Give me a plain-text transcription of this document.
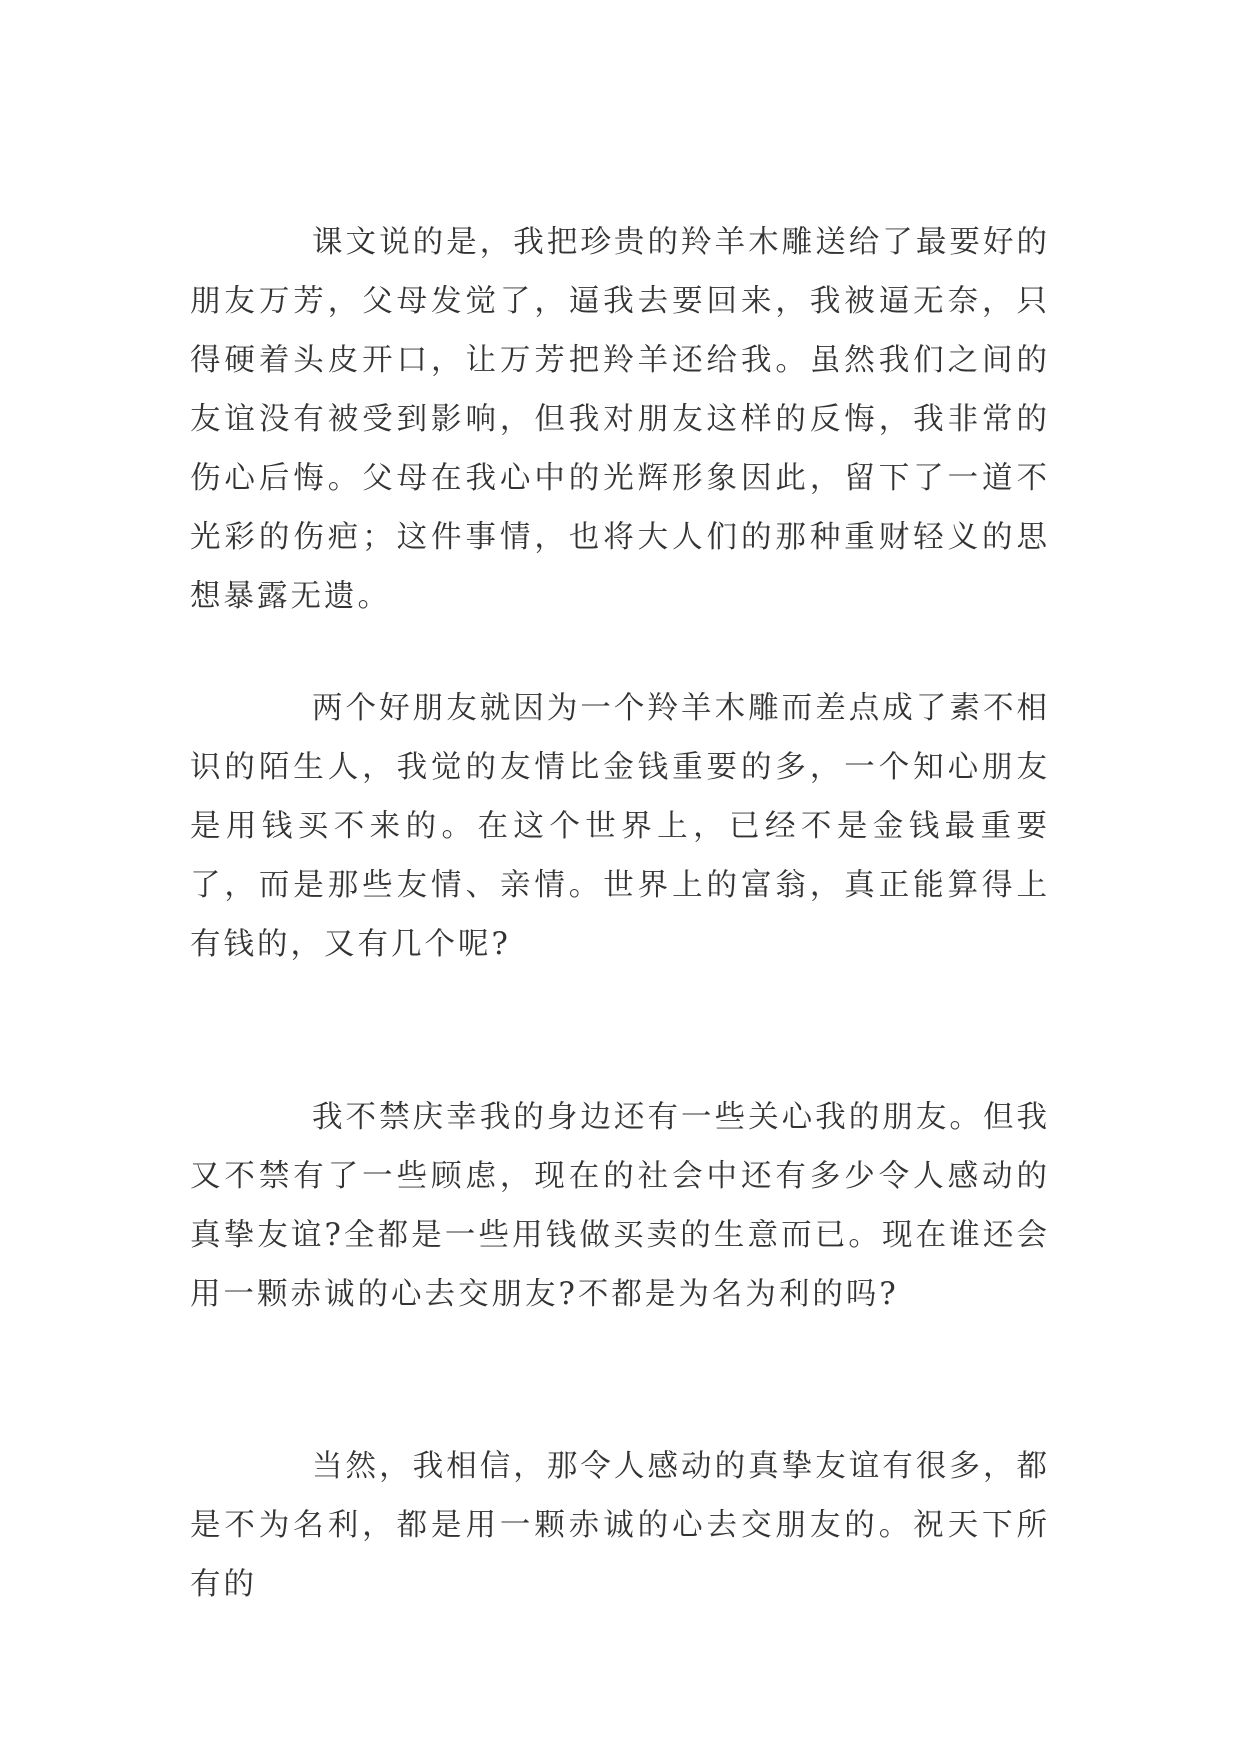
课文说的是，我把珍贵的羚羊木雕送给了最要好的朋友万芳，父母发觉了，逼我去要回来，我被逼无奈，只得硬着头皮开口，让万芳把羚羊还给我。虽然我们之间的友谊没有被受到影响，但我对朋友这样的反悔，我非常的伤心后悔。父母在我心中的光辉形象因此，留下了一道不光彩的伤疤；这件事情，也将大人们的那种重财轻义的思想暴露无遗。

两个好朋友就因为一个羚羊木雕而差点成了素不相识的陌生人，我觉的友情比金钱重要的多，一个知心朋友是用钱买不来的。在这个世界上，已经不是金钱最重要了，而是那些友情、亲情。世界上的富翁，真正能算得上有钱的，又有几个呢?

我不禁庆幸我的身边还有一些关心我的朋友。但我又不禁有了一些顾虑，现在的社会中还有多少令人感动的真挚友谊?全都是一些用钱做买卖的生意而已。现在谁还会用一颗赤诚的心去交朋友?不都是为名为利的吗?

当然，我相信，那令人感动的真挚友谊有很多，都是不为名利，都是用一颗赤诚的心去交朋友的。祝天下所有的
